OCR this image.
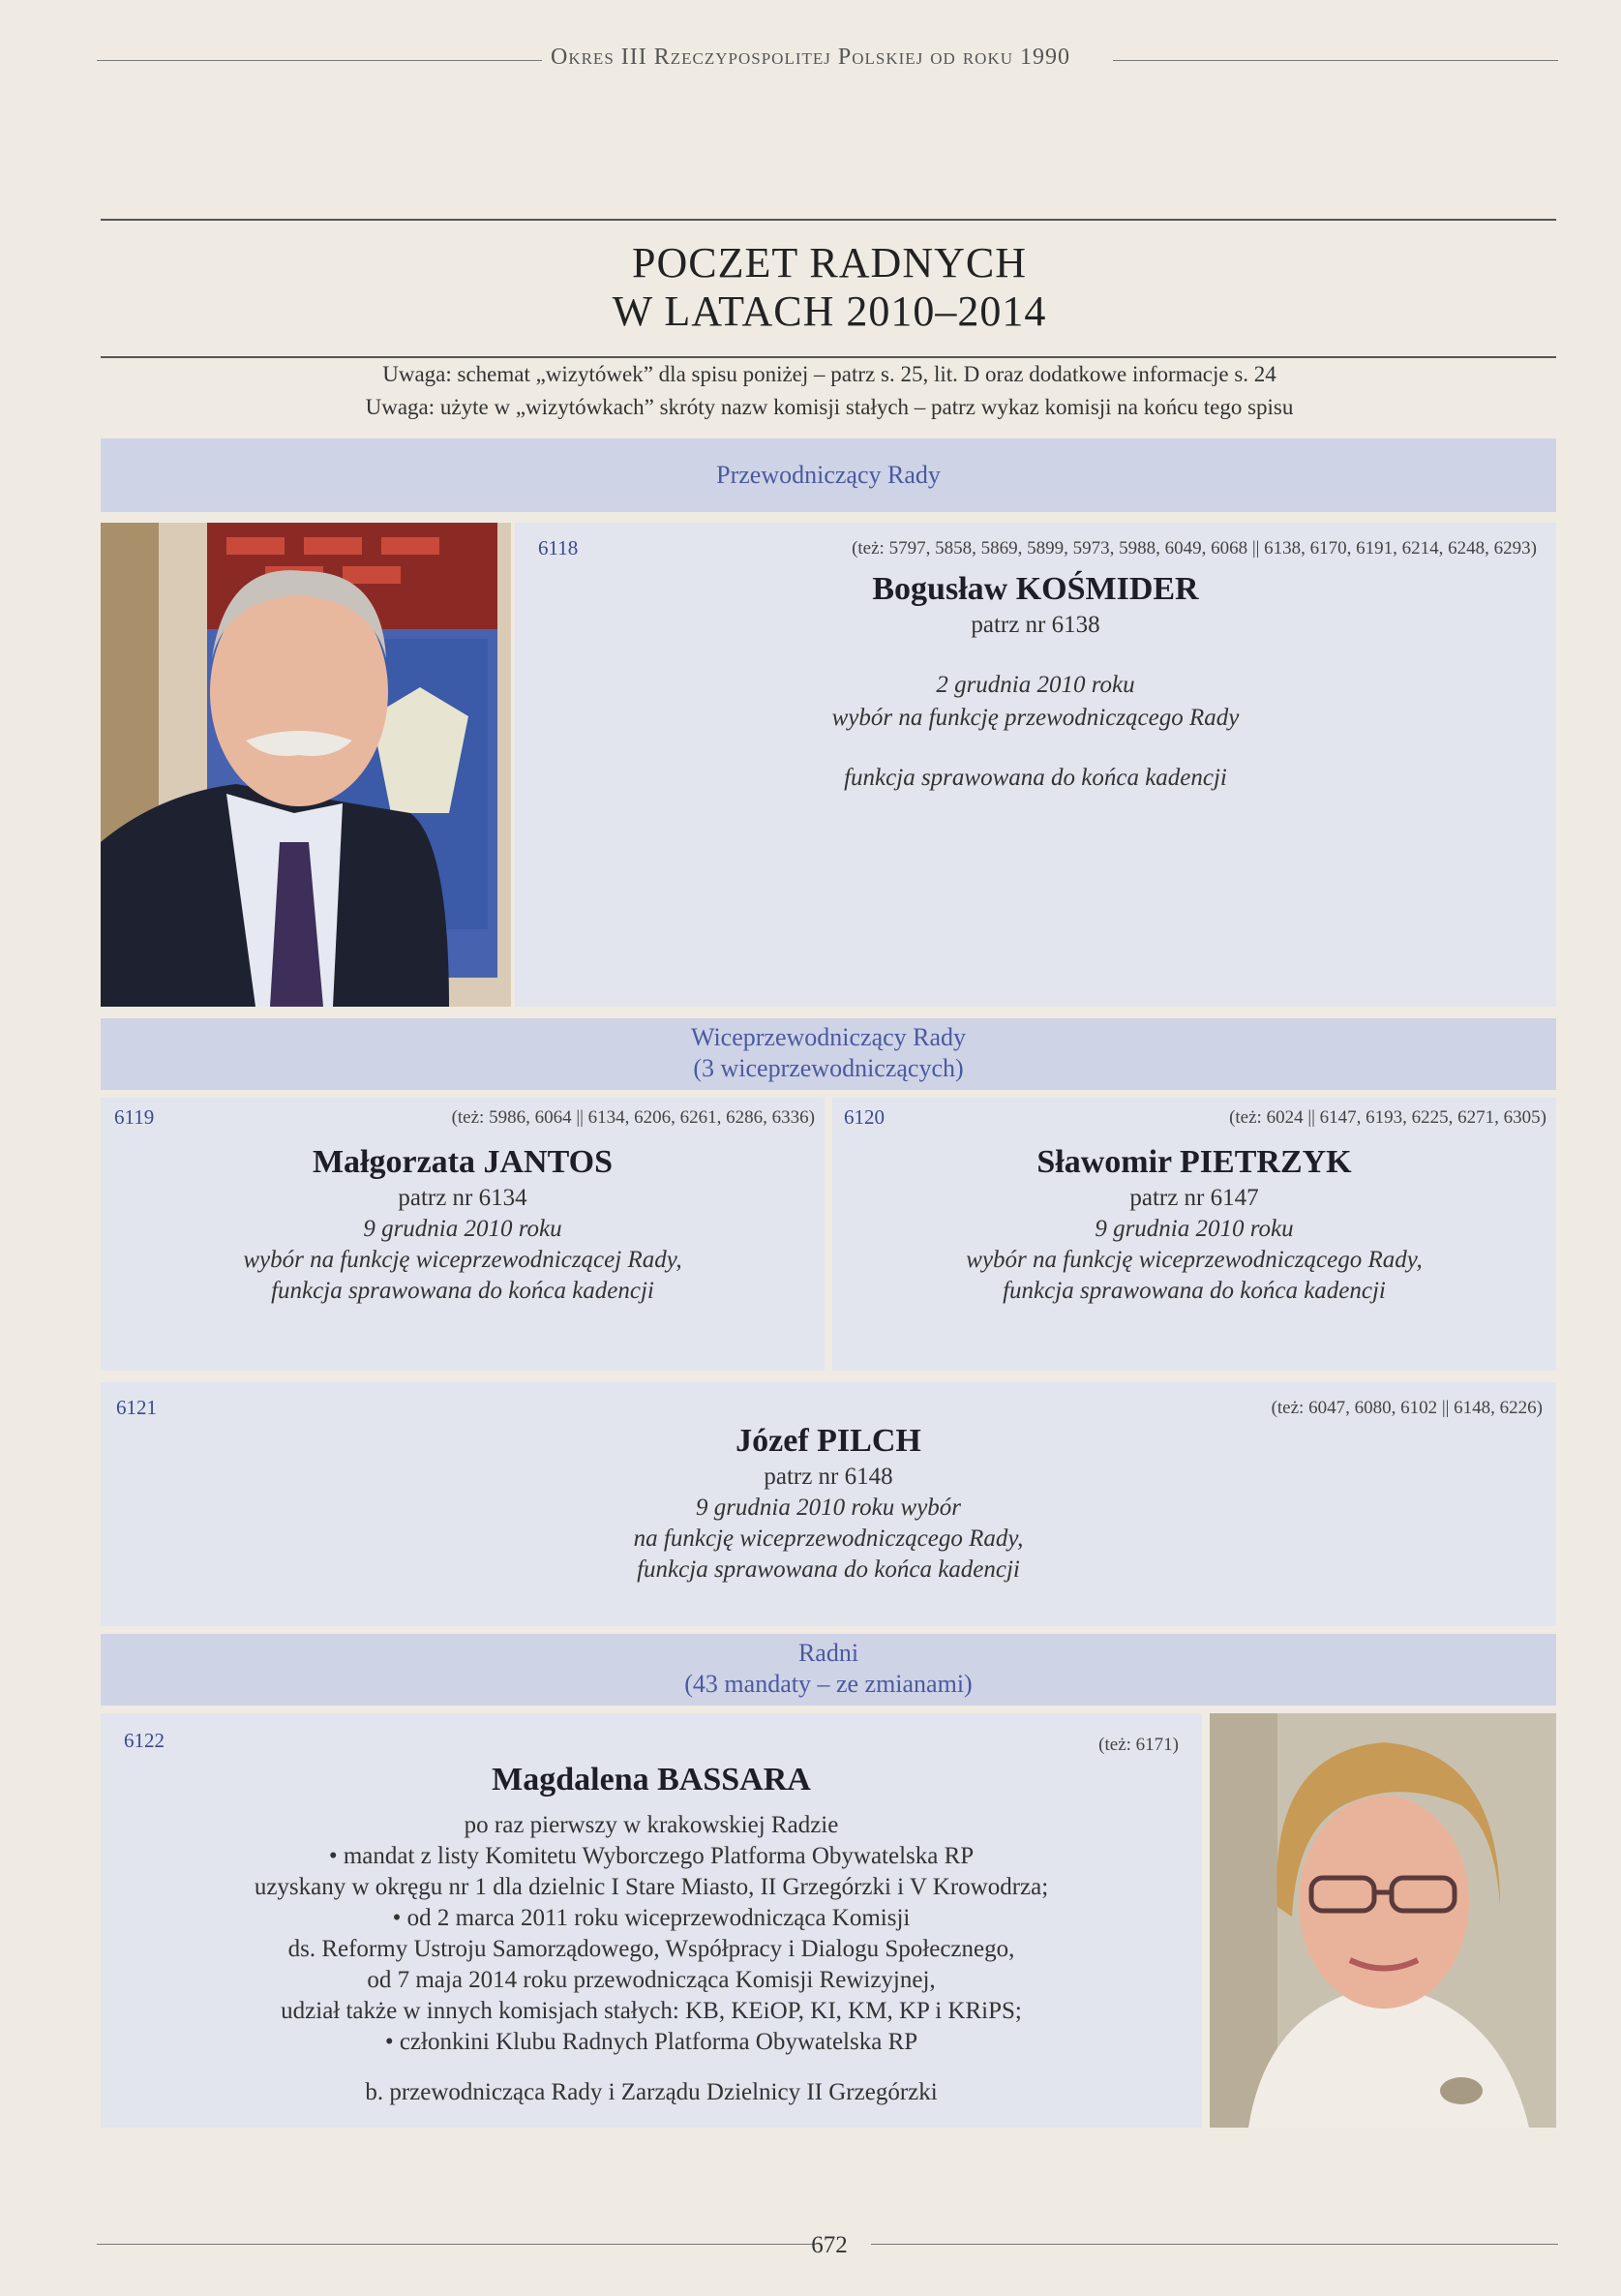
Okres III Rzeczypospolitej Polskiej od roku 1990
POCZET RADNYCH
W LATACH 2010–2014
Uwaga: schemat „wizytówek” dla spisu poniżej – patrz s. 25, lit. D oraz dodatkowe informacje s. 24
Uwaga: użyte w „wizytówkach” skróty nazw komisji stałych – patrz wykaz komisji na końcu tego spisu
Przewodniczący Rady
6118	(też: 5797, 5858, 5869, 5899, 5973, 5988, 6049, 6068 || 6138, 6170, 6191, 6214, 6248, 6293)
Bogusław KOŚMIDER
patrz nr 6138
2 grudnia 2010 roku
wybór na funkcję przewodniczącego Rady
funkcja sprawowana do końca kadencji
Wiceprzewodniczący Rady
(3 wiceprzewodniczących)
6119	(też: 5986, 6064 || 6134, 6206, 6261, 6286, 6336)
Małgorzata JANTOS
patrz nr 6134
9 grudnia 2010 roku
wybór na funkcję wiceprzewodniczącej Rady,
funkcja sprawowana do końca kadencji
6120	(też: 6024 || 6147, 6193, 6225, 6271, 6305)
Sławomir PIETRZYK
patrz nr 6147
9 grudnia 2010 roku
wybór na funkcję wiceprzewodniczącego Rady,
funkcja sprawowana do końca kadencji
6121	(też: 6047, 6080, 6102 || 6148, 6226)
Józef PILCH
patrz nr 6148
9 grudnia 2010 roku wybór
na funkcję wiceprzewodniczącego Rady,
funkcja sprawowana do końca kadencji
Radni
(43 mandaty – ze zmianami)
6122	(też: 6171)
Magdalena BASSARA
po raz pierwszy w krakowskiej Radzie
• mandat z listy Komitetu Wyborczego Platforma Obywatelska RP
uzyskany w okręgu nr 1 dla dzielnic I Stare Miasto, II Grzegórzki i V Krowodrza;
• od 2 marca 2011 roku wiceprzewodnicząca Komisji
ds. Reformy Ustroju Samorządowego, Współpracy i Dialogu Społecznego,
od 7 maja 2014 roku przewodnicząca Komisji Rewizyjnej,
udział także w innych komisjach stałych: KB, KEiOP, KI, KM, KP i KRiPS;
• członkini Klubu Radnych Platforma Obywatelska RP
b. przewodnicząca Rady i Zarządu Dzielnicy II Grzegórzki
672
